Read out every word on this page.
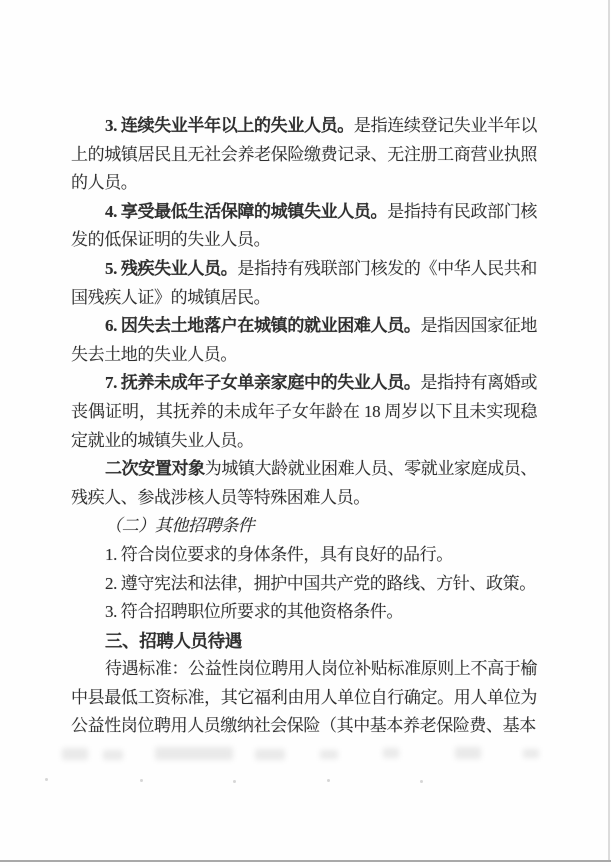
3. 连续失业半年以上的失业人员。是指连续登记失业半年以上的城镇居民且无社会养老保险缴费记录、无注册工商营业执照的人员。

4. 享受最低生活保障的城镇失业人员。是指持有民政部门核发的低保证明的失业人员。

5. 残疾失业人员。是指持有残联部门核发的《中华人民共和国残疾人证》的城镇居民。

6. 因失去土地落户在城镇的就业困难人员。是指因国家征地失去土地的失业人员。

7. 抚养未成年子女单亲家庭中的失业人员。是指持有离婚或丧偶证明，其抚养的未成年子女年龄在 18 周岁以下且未实现稳定就业的城镇失业人员。

二次安置对象为城镇大龄就业困难人员、零就业家庭成员、残疾人、参战涉核人员等特殊困难人员。

（二）其他招聘条件

1. 符合岗位要求的身体条件，具有良好的品行。

2. 遵守宪法和法律，拥护中国共产党的路线、方针、政策。

3. 符合招聘职位所要求的其他资格条件。

三、招聘人员待遇

待遇标准：公益性岗位聘用人岗位补贴标准原则上不高于榆中县最低工资标准，其它福利由用人单位自行确定。用人单位为公益性岗位聘用人员缴纳社会保险（其中基本养老保险费、基本
